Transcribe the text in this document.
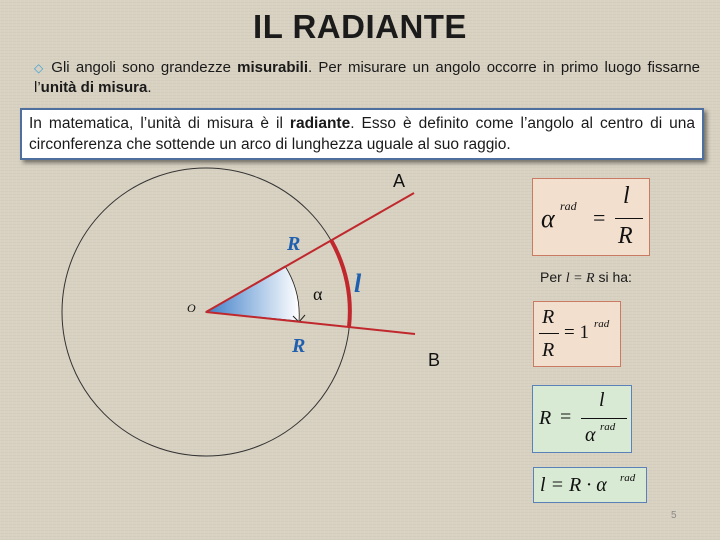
IL RADIANTE
◇ Gli angoli sono grandezze misurabili. Per misurare un angolo occorre in primo luogo fissarne l’unità di misura.
In matematica, l’unità di misura è il radiante. Esso è definito come l’angolo al centro di una circonferenza che sottende un arco di lunghezza uguale al suo raggio.
A
B
O
R
R
l
α
α rad =
l
R
Per l = R si ha:
R
R
= 1 rad
R =
l
α rad
l = R · α rad
5
